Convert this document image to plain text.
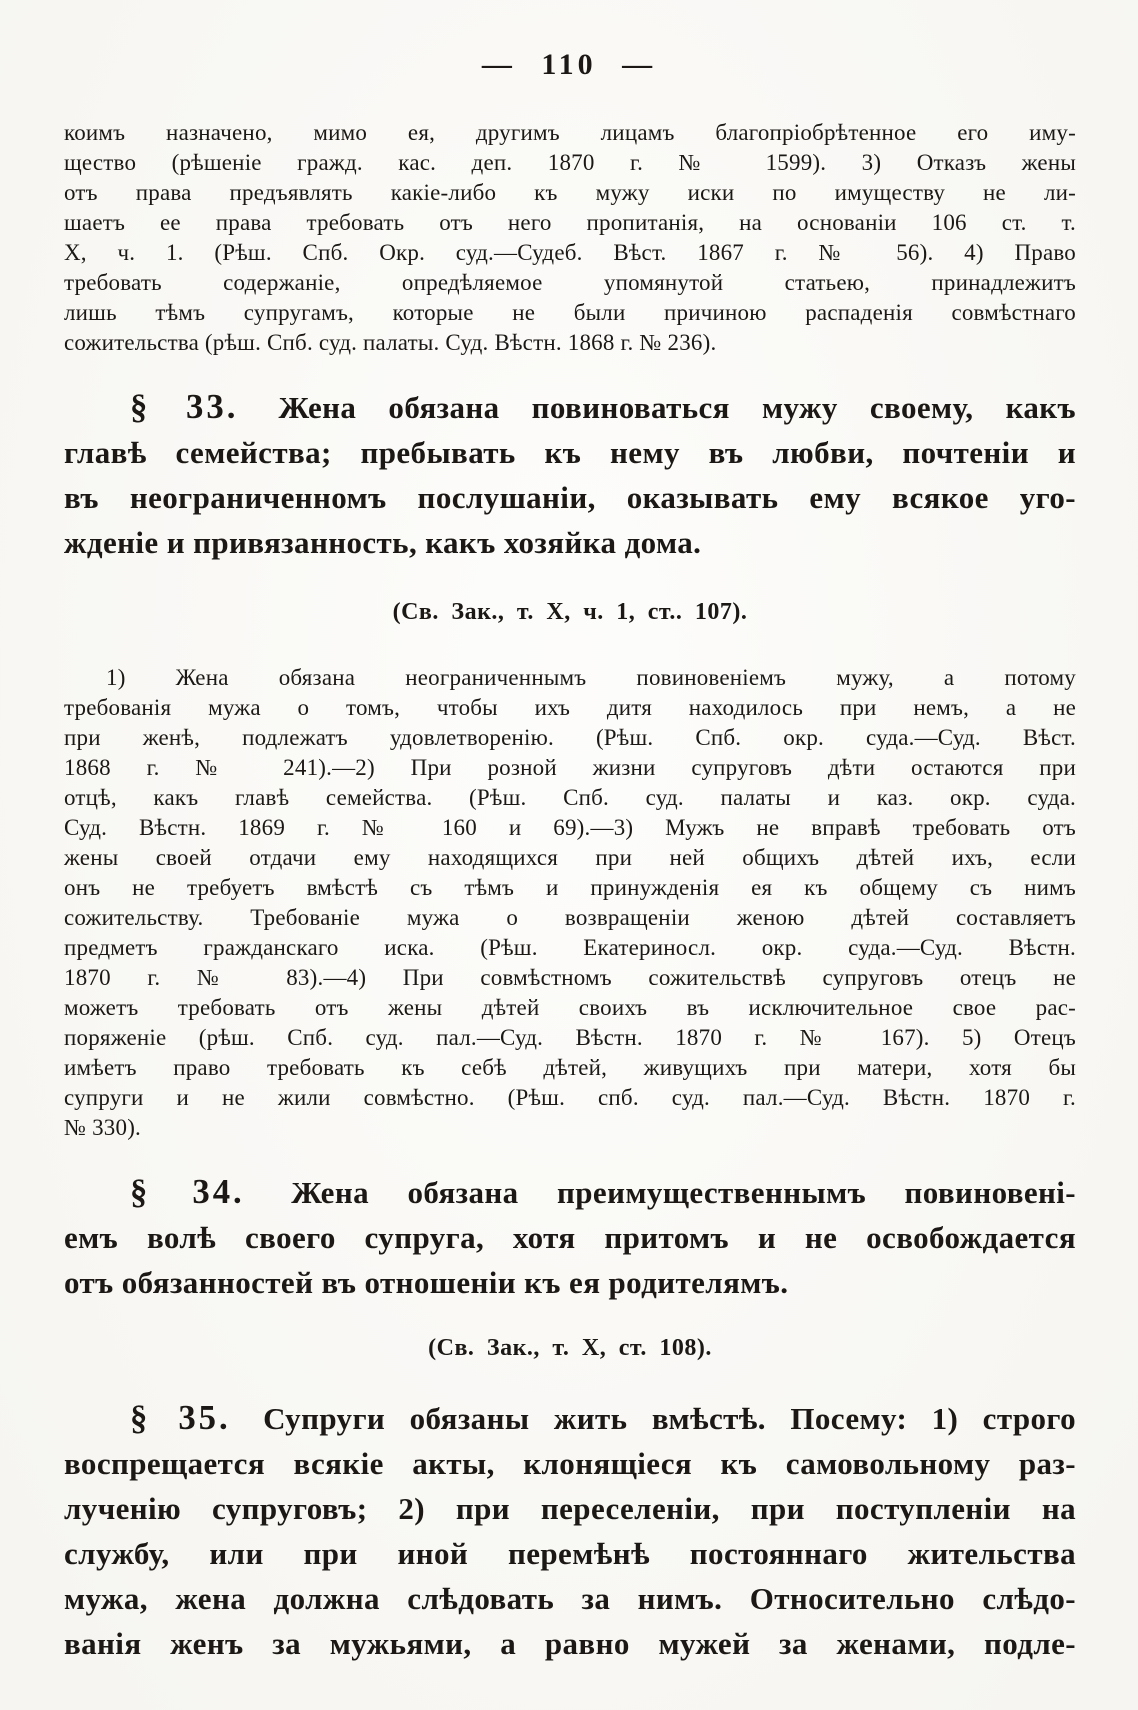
— 110 —
коимъ назначено, мимо ея, другимъ лицамъ благопріобрѣтенное его иму-
щество (рѣшеніе гражд. кас. деп. 1870 г. № 1599). 3) Отказъ жены
отъ права предъявлять какіе-либо къ мужу иски по имуществу не ли-
шаетъ ее права требовать отъ него пропитанія, на основаніи 106 ст. т.
X, ч. 1. (Рѣш. Спб. Окр. суд.—Судеб. Вѣст. 1867 г. № 56). 4) Право
требовать содержаніе, опредѣляемое упомянутой статьею, принадлежитъ
лишь тѣмъ супругамъ, которые не были причиною распаденія совмѣстнаго
сожительства (рѣш. Спб. суд. палаты. Суд. Вѣстн. 1868 г. № 236).
§ 33. Жена обязана повиноваться мужу своему, какъ
главѣ семейства; пребывать къ нему въ любви, почтеніи и
въ неограниченномъ послушаніи, оказывать ему всякое уго-
жденіе и привязанность, какъ хозяйка дома.
(Св. Зак., т. X, ч. 1, ст.. 107).
1) Жена обязана неограниченнымъ повиновеніемъ мужу, а потому
требованія мужа о томъ, чтобы ихъ дитя находилось при немъ, а не
при женѣ, подлежатъ удовлетворенію. (Рѣш. Спб. окр. суда.—Суд. Вѣст.
1868 г. № 241).—2) При розной жизни супруговъ дѣти остаются при
отцѣ, какъ главѣ семейства. (Рѣш. Спб. суд. палаты и каз. окр. суда.
Суд. Вѣстн. 1869 г. № 160 и 69).—3) Мужъ не вправѣ требовать отъ
жены своей отдачи ему находящихся при ней общихъ дѣтей ихъ, если
онъ не требуетъ вмѣстѣ съ тѣмъ и принужденія ея къ общему съ нимъ
сожительству. Требованіе мужа о возвращеніи женою дѣтей составляетъ
предметъ гражданскаго иска. (Рѣш. Екатериносл. окр. суда.—Суд. Вѣстн.
1870 г. № 83).—4) При совмѣстномъ сожительствѣ супруговъ отецъ не
можетъ требовать отъ жены дѣтей своихъ въ исключительное свое рас-
поряженіе (рѣш. Спб. суд. пал.—Суд. Вѣстн. 1870 г. № 167). 5) Отецъ
имѣетъ право требовать къ себѣ дѣтей, живущихъ при матери, хотя бы
супруги и не жили совмѣстно. (Рѣш. спб. суд. пал.—Суд. Вѣстн. 1870 г.
№ 330).
§ 34. Жена обязана преимущественнымъ повиновені-
емъ волѣ своего супруга, хотя притомъ и не освобождается
отъ обязанностей въ отношеніи къ ея родителямъ.
(Св. Зак., т. X, ст. 108).
§ 35. Супруги обязаны жить вмѣстѣ. Посему: 1) строго
воспрещается всякіе акты, клонящіеся къ самовольному раз-
лученію супруговъ; 2) при переселеніи, при поступленіи на
службу, или при иной перемѣнѣ постояннаго жительства
мужа, жена должна слѣдовать за нимъ. Относительно слѣдо-
ванія женъ за мужьями, а равно мужей за женами, подле-
